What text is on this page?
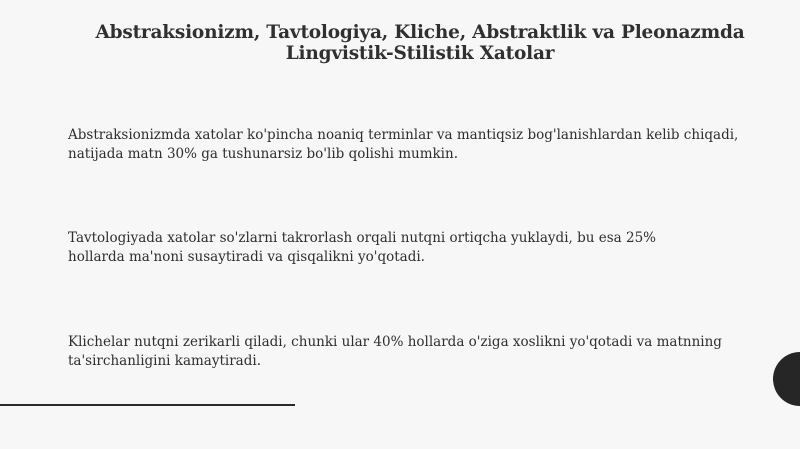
Abstraksionizm, Tavtologiya, Kliche, Abstraktlik va Pleonazmda
Lingvistik-Stilistik Xatolar

Abstraksionizmda xatolar ko'pincha noaniq terminlar va mantiqsiz bog'lanishlardan kelib chiqadi, natijada matn 30% ga tushunarsiz bo'lib qolishi mumkin.

Tavtologiyada xatolar so'zlarni takrorlash orqali nutqni ortiqcha yuklaydi, bu esa 25% hollarda ma'noni susaytiradi va qisqalikni yo'qotadi.

Klichelar nutqni zerikarli qiladi, chunki ular 40% hollarda o'ziga xoslikni yo'qotadi va matnning ta'sirchanligini kamaytiradi.
